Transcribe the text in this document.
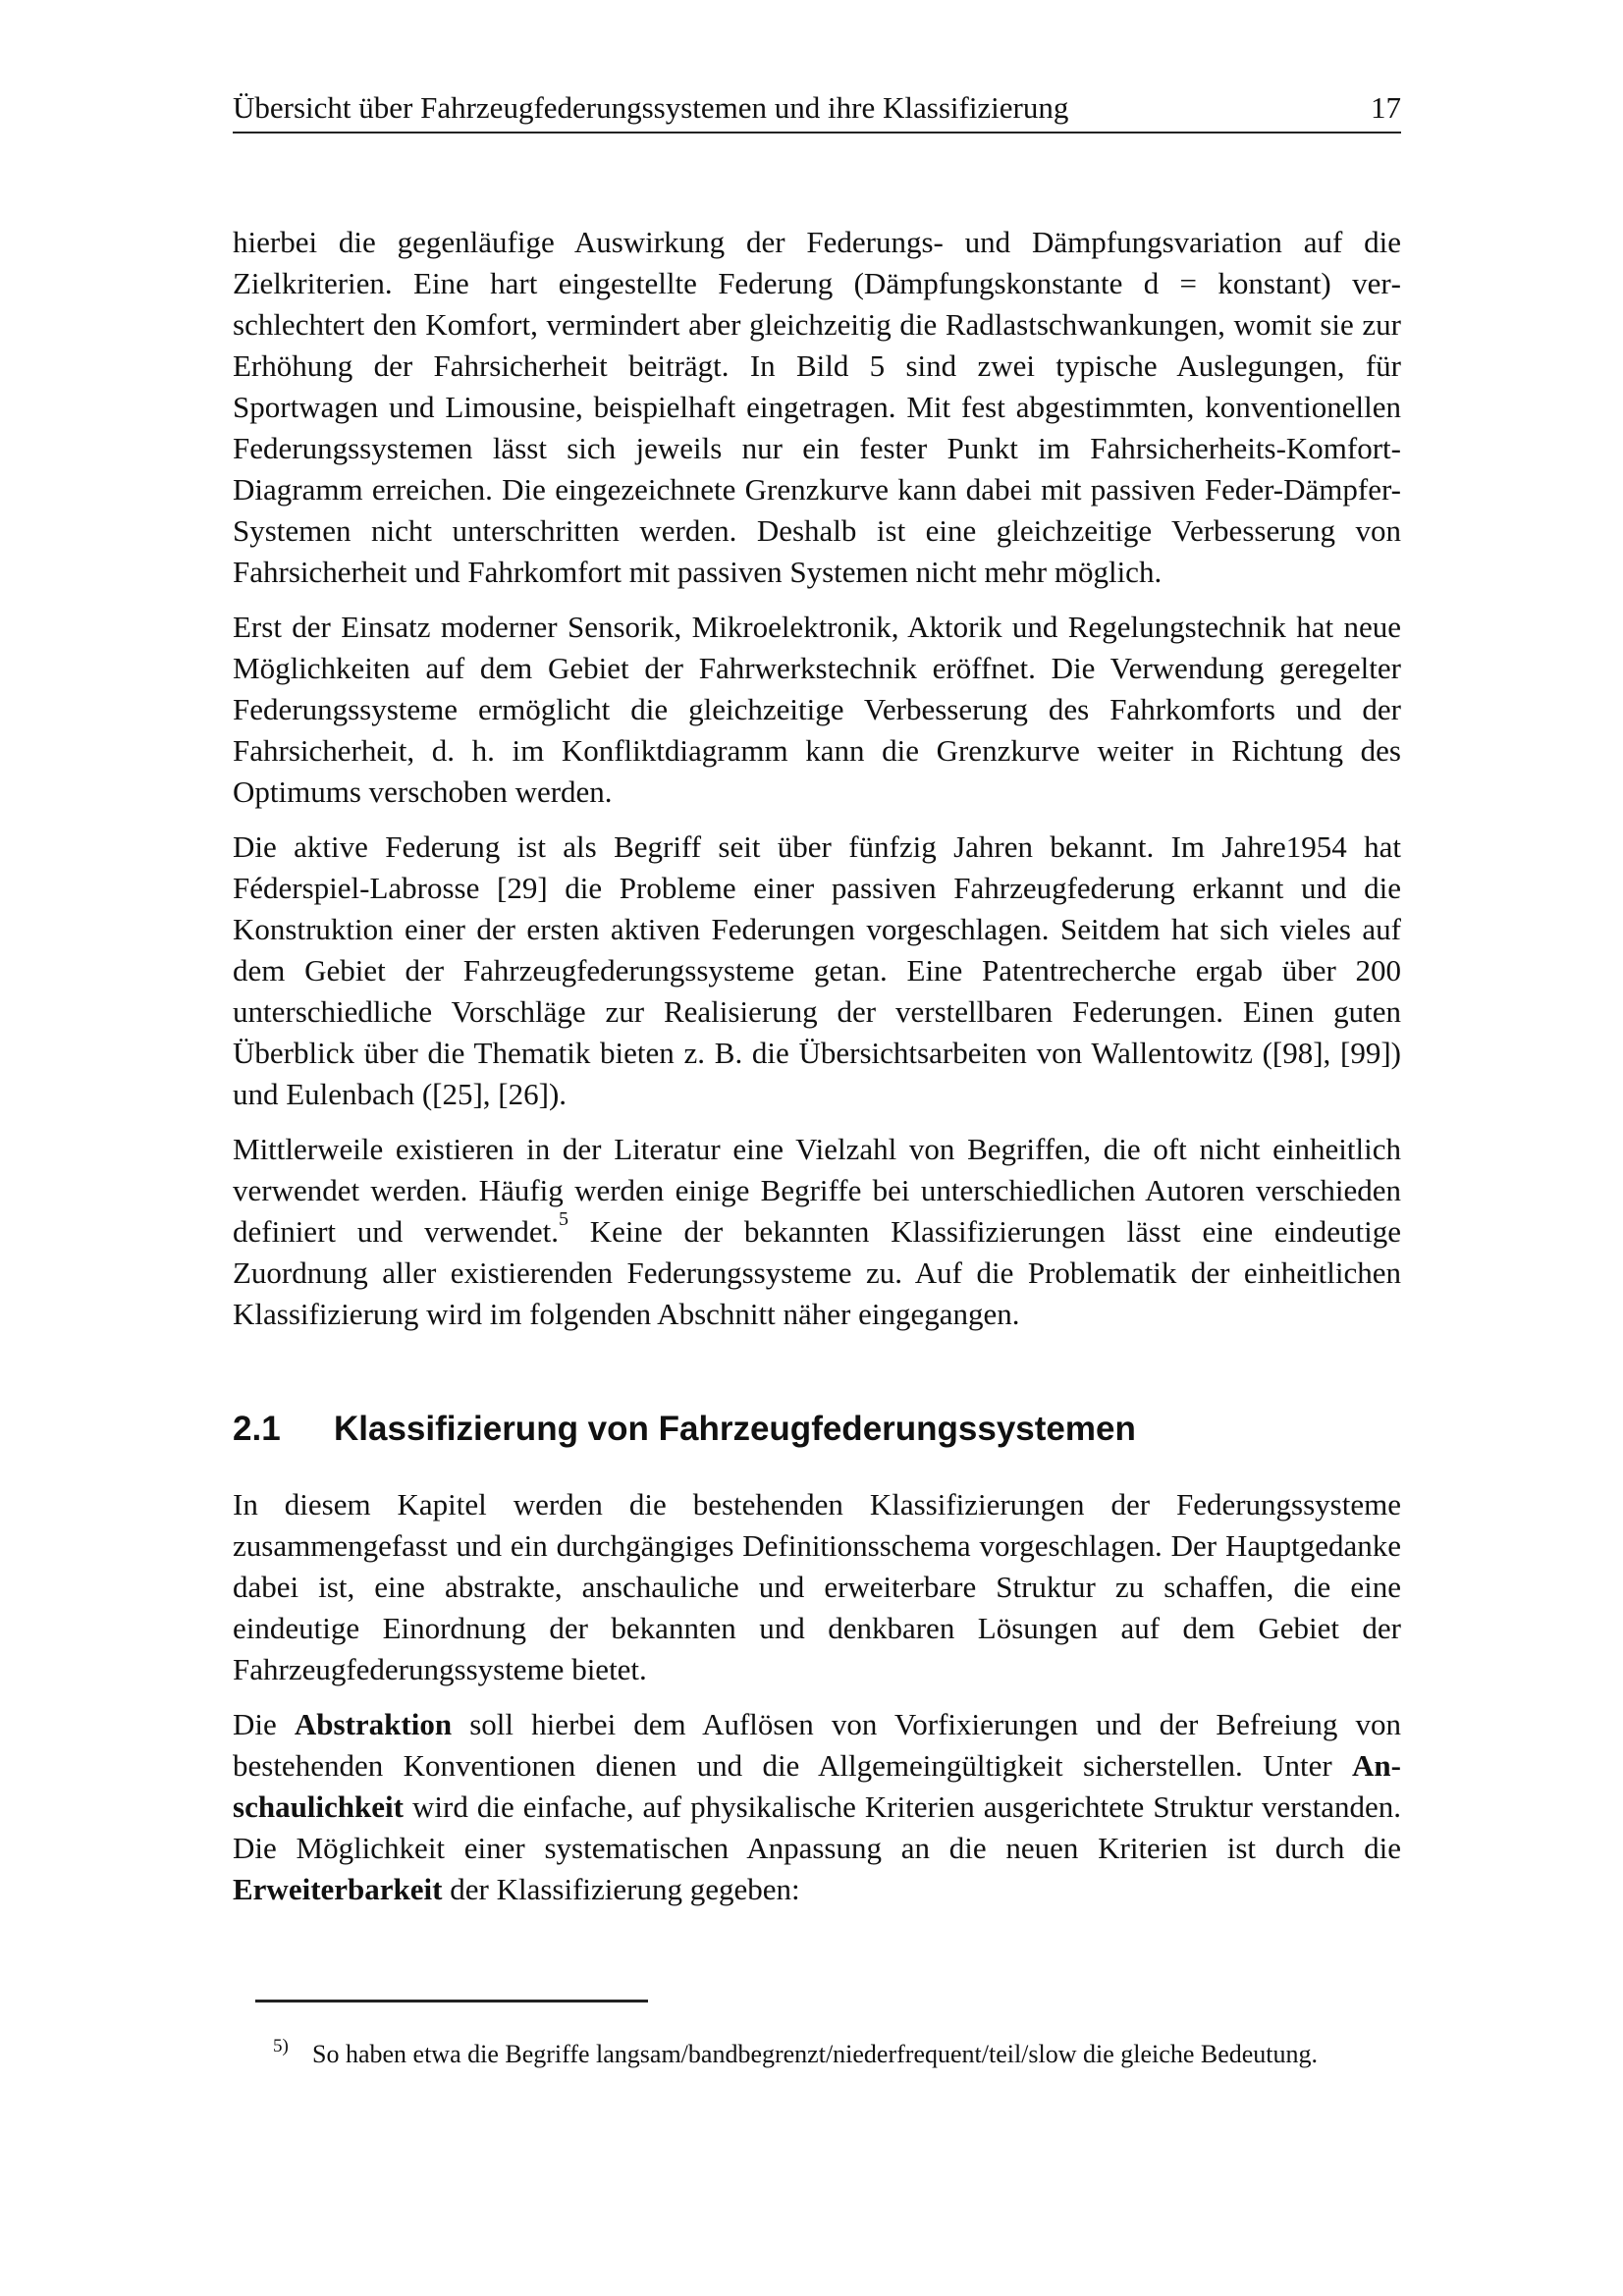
Übersicht über Fahrzeugfederungssystemen und ihre Klassifizierung	17

hierbei die gegenläufige Auswirkung der Federungs- und Dämpfungsvariation auf die Zielkriterien. Eine hart eingestellte Federung (Dämpfungskonstante d = konstant) verschlechtert den Komfort, vermindert aber gleichzeitig die Radlastschwankungen, womit sie zur Erhöhung der Fahrsicherheit beiträgt. In Bild 5 sind zwei typische Auslegungen, für Sportwagen und Limousine, beispielhaft eingetragen. Mit fest abgestimmten, konventionellen Federungssystemen lässt sich jeweils nur ein fester Punkt im Fahrsicherheits-Komfort-Diagramm erreichen. Die eingezeichnete Grenzkurve kann dabei mit passiven Feder-Dämpfer-Systemen nicht unterschritten werden. Deshalb ist eine gleichzeitige Verbesserung von Fahrsicherheit und Fahrkomfort mit passiven Systemen nicht mehr möglich.

Erst der Einsatz moderner Sensorik, Mikroelektronik, Aktorik und Regelungstechnik hat neue Möglichkeiten auf dem Gebiet der Fahrwerkstechnik eröffnet. Die Verwendung geregelter Federungssysteme ermöglicht die gleichzeitige Verbesserung des Fahrkomforts und der Fahrsicherheit, d. h. im Konfliktdiagramm kann die Grenzkurve weiter in Richtung des Optimums verschoben werden.

Die aktive Federung ist als Begriff seit über fünfzig Jahren bekannt. Im Jahre1954 hat Féderspiel-Labrosse [29] die Probleme einer passiven Fahrzeugfederung erkannt und die Konstruktion einer der ersten aktiven Federungen vorgeschlagen. Seitdem hat sich vieles auf dem Gebiet der Fahrzeugfederungssysteme getan. Eine Patentrecherche ergab über 200 unterschiedliche Vorschläge zur Realisierung der verstellbaren Federungen. Einen guten Überblick über die Thematik bieten z. B. die Übersichtsarbeiten von Wallentowitz ([98], [99]) und Eulenbach ([25], [26]).

Mittlerweile existieren in der Literatur eine Vielzahl von Begriffen, die oft nicht einheitlich verwendet werden. Häufig werden einige Begriffe bei unterschiedlichen Autoren verschieden definiert und verwendet.$^5$ Keine der bekannten Klassifizierungen lässt eine eindeutige Zuordnung aller existierenden Federungssysteme zu. Auf die Problematik der einheitlichen Klassifizierung wird im folgenden Abschnitt näher eingegangen.

2.1	Klassifizierung von Fahrzeugfederungssystemen

In diesem Kapitel werden die bestehenden Klassifizierungen der Federungssysteme zusammengefasst und ein durchgängiges Definitionsschema vorgeschlagen. Der Hauptgedanke dabei ist, eine abstrakte, anschauliche und erweiterbare Struktur zu schaffen, die eine eindeutige Einordnung der bekannten und denkbaren Lösungen auf dem Gebiet der Fahrzeugfederungssysteme bietet.

Die Abstraktion soll hierbei dem Auflösen von Vorfixierungen und der Befreiung von bestehenden Konventionen dienen und die Allgemeingültigkeit sicherstellen. Unter Anschaulichkeit wird die einfache, auf physikalische Kriterien ausgerichtete Struktur verstanden. Die Möglichkeit einer systematischen Anpassung an die neuen Kriterien ist durch die Erweiterbarkeit der Klassifizierung gegeben:

5) So haben etwa die Begriffe langsam/bandbegrenzt/niederfrequent/teil/slow die gleiche Bedeutung.
